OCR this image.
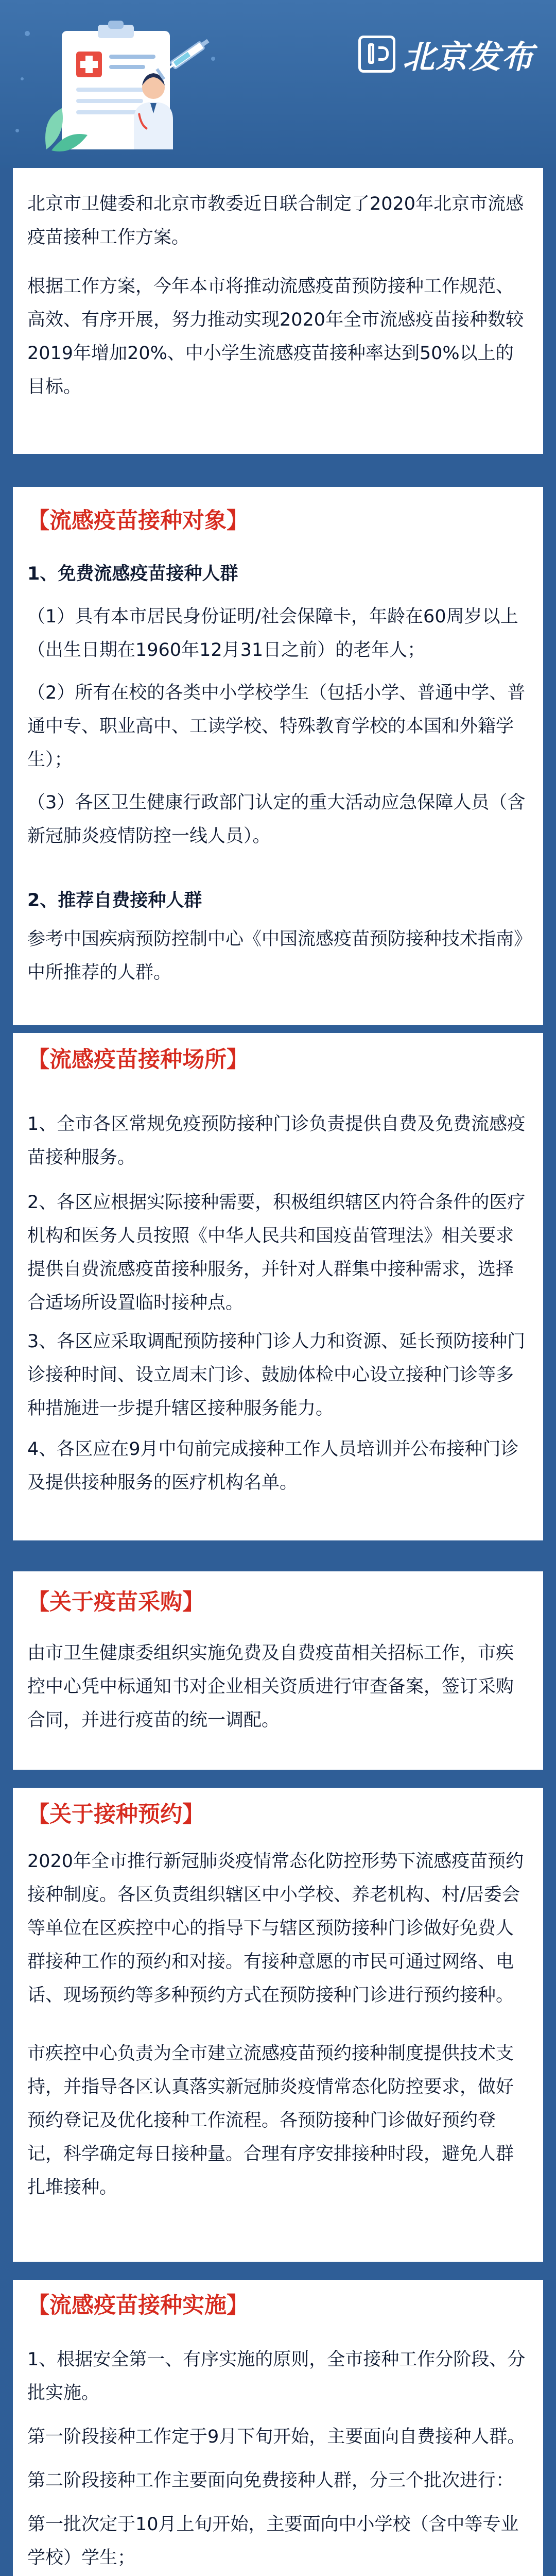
北京发布

北京市卫健委和北京市教委近日联合制定了2020年北京市流感疫苗接种工作方案。

根据工作方案，今年本市将推动流感疫苗预防接种工作规范、高效、有序开展，努力推动实现2020年全市流感疫苗接种数较2019年增加20%、中小学生流感疫苗接种率达到50%以上的目标。

【流感疫苗接种对象】

1、免费流感疫苗接种人群

（1）具有本市居民身份证明/社会保障卡，年龄在60周岁以上（出生日期在1960年12月31日之前）的老年人；

（2）所有在校的各类中小学校学生（包括小学、普通中学、普通中专、职业高中、工读学校、特殊教育学校的本国和外籍学生）；

（3）各区卫生健康行政部门认定的重大活动应急保障人员（含新冠肺炎疫情防控一线人员）。

2、推荐自费接种人群

参考中国疾病预防控制中心《中国流感疫苗预防接种技术指南》中所推荐的人群。

【流感疫苗接种场所】

1、全市各区常规免疫预防接种门诊负责提供自费及免费流感疫苗接种服务。

2、各区应根据实际接种需要，积极组织辖区内符合条件的医疗机构和医务人员按照《中华人民共和国疫苗管理法》相关要求提供自费流感疫苗接种服务，并针对人群集中接种需求，选择合适场所设置临时接种点。

3、各区应采取调配预防接种门诊人力和资源、延长预防接种门诊接种时间、设立周末门诊、鼓励体检中心设立接种门诊等多种措施进一步提升辖区接种服务能力。

4、各区应在9月中旬前完成接种工作人员培训并公布接种门诊及提供接种服务的医疗机构名单。

【关于疫苗采购】

由市卫生健康委组织实施免费及自费疫苗相关招标工作，市疾控中心凭中标通知书对企业相关资质进行审查备案，签订采购合同，并进行疫苗的统一调配。

【关于接种预约】

2020年全市推行新冠肺炎疫情常态化防控形势下流感疫苗预约接种制度。各区负责组织辖区中小学校、养老机构、村/居委会等单位在区疾控中心的指导下与辖区预防接种门诊做好免费人群接种工作的预约和对接。有接种意愿的市民可通过网络、电话、现场预约等多种预约方式在预防接种门诊进行预约接种。

市疾控中心负责为全市建立流感疫苗预约接种制度提供技术支持，并指导各区认真落实新冠肺炎疫情常态化防控要求，做好预约登记及优化接种工作流程。各预防接种门诊做好预约登记，科学确定每日接种量。合理有序安排接种时段，避免人群扎堆接种。

【流感疫苗接种实施】

1、根据安全第一、有序实施的原则，全市接种工作分阶段、分批实施。

第一阶段接种工作定于9月下旬开始，主要面向自费接种人群。

第二阶段接种工作主要面向免费接种人群，分三个批次进行：

第一批次定于10月上旬开始，主要面向中小学校（含中等专业学校）学生；
